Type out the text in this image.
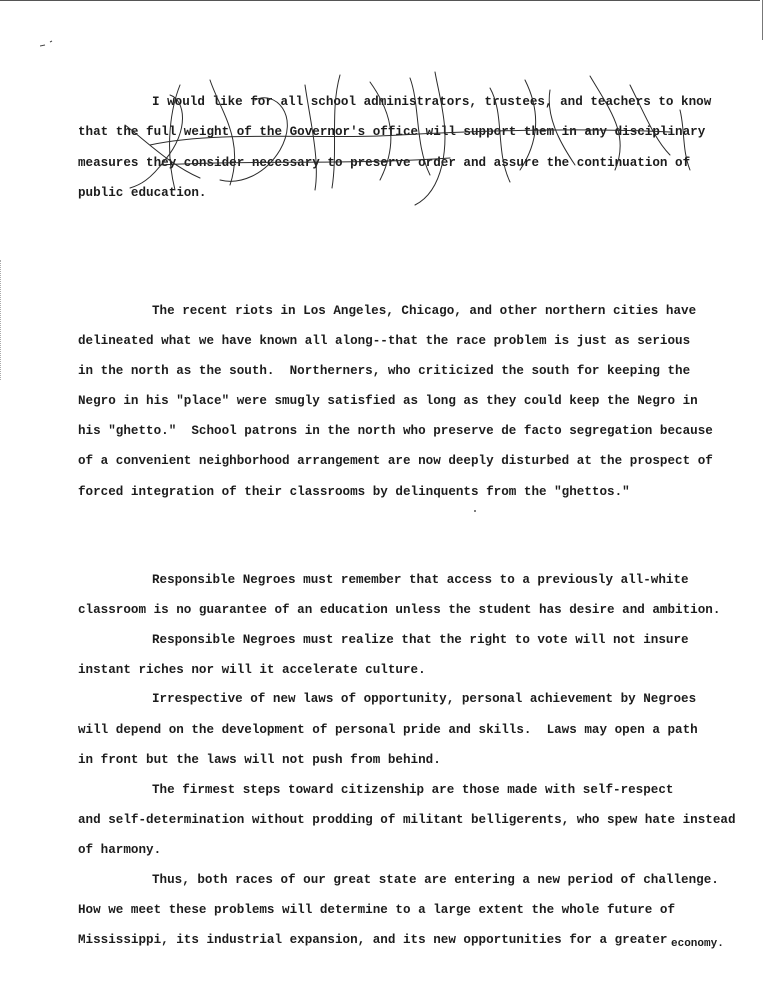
I would like for all school administrators, trustees, and teachers to know
that the full weight of the Governor's office will support them in any disciplinary
measures they consider necessary to preserve order and assure the continuation of
public education.
The recent riots in Los Angeles, Chicago, and other northern cities have
delineated what we have known all along--that the race problem is just as serious
in the north as the south.  Northerners, who criticized the south for keeping the
Negro in his "place" were smugly satisfied as long as they could keep the Negro in
his "ghetto."  School patrons in the north who preserve de facto segregation because
of a convenient neighborhood arrangement are now deeply disturbed at the prospect of
forced integration of their classrooms by delinquents from the "ghettos."
Responsible Negroes must remember that access to a previously all-white
classroom is no guarantee of an education unless the student has desire and ambition.
Responsible Negroes must realize that the right to vote will not insure
instant riches nor will it accelerate culture.
Irrespective of new laws of opportunity, personal achievement by Negroes
will depend on the development of personal pride and skills.  Laws may open a path
in front but the laws will not push from behind.
The firmest steps toward citizenship are those made with self-respect
and self-determination without prodding of militant belligerents, who spew hate instead
of harmony.
Thus, both races of our great state are entering a new period of challenge.
How we meet these problems will determine to a large extent the whole future of
Mississippi, its industrial expansion, and its new opportunities for a greater economy.
